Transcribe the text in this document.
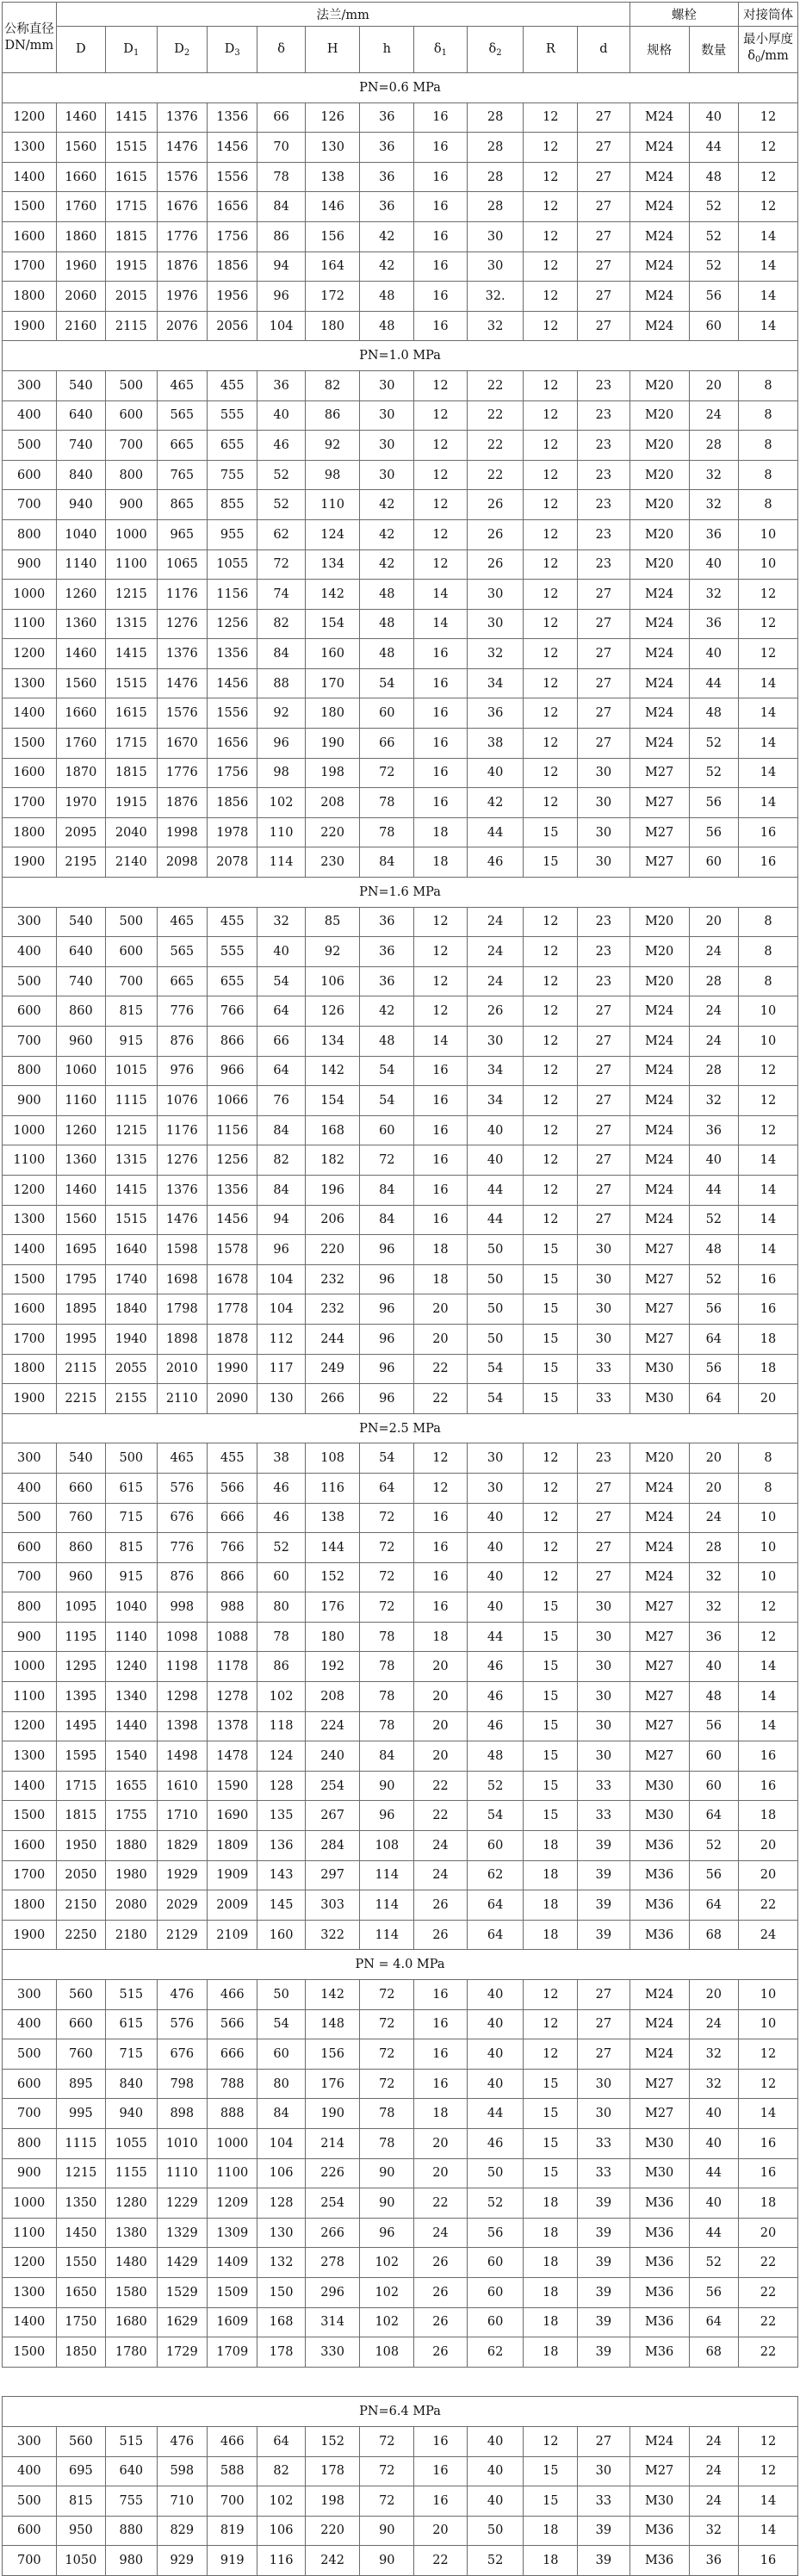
公称直径DN/mm	法兰/mm											螺栓		对接筒体
	D	$D_1$	$D_2$	$D_3$	δ	H	h	$\delta_1$	$\delta_2$	R	d	规格	数量	最小厚度
$\delta_0/mm$
PN=0.6 MPa														
1200	1460	1415	1376	1356	66	126	36	16	28	12	27	M24	40	12
1300	1560	1515	1476	1456	70	130	36	16	28	12	27	M24	44	12
1400	1660	1615	1576	1556	78	138	36	16	28	12	27	M24	48	12
1500	1760	1715	1676	1656	84	146	36	16	28	12	27	M24	52	12
1600	1860	1815	1776	1756	86	156	42	16	30	12	27	M24	52	14
1700	1960	1915	1876	1856	94	164	42	16	30	12	27	M24	52	14
1800	2060	2015	1976	1956	96	172	48	16	32.	12	27	M24	56	14
1900	2160	2115	2076	2056	104	180	48	16	32	12	27	M24	60	14
PN=1.0 MPa														
300	540	500	465	455	36	82	30	12	22	12	23	M20	20	8
400	640	600	565	555	40	86	30	12	22	12	23	M20	24	8
500	740	700	665	655	46	92	30	12	22	12	23	M20	28	8
600	840	800	765	755	52	98	30	12	22	12	23	M20	32	8
700	940	900	865	855	52	110	42	12	26	12	23	M20	32	8
800	1040	1000	965	955	62	124	42	12	26	12	23	M20	36	10
900	1140	1100	1065	1055	72	134	42	12	26	12	23	M20	40	10
1000	1260	1215	1176	1156	74	142	48	14	30	12	27	M24	32	12
1100	1360	1315	1276	1256	82	154	48	14	30	12	27	M24	36	12
1200	1460	1415	1376	1356	84	160	48	16	32	12	27	M24	40	12
1300	1560	1515	1476	1456	88	170	54	16	34	12	27	M24	44	14
1400	1660	1615	1576	1556	92	180	60	16	36	12	27	M24	48	14
1500	1760	1715	1670	1656	96	190	66	16	38	12	27	M24	52	14
1600	1870	1815	1776	1756	98	198	72	16	40	12	30	M27	52	14
1700	1970	1915	1876	1856	102	208	78	16	42	12	30	M27	56	14
1800	2095	2040	1998	1978	110	220	78	18	44	15	30	M27	56	16
1900	2195	2140	2098	2078	114	230	84	18	46	15	30	M27	60	16
PN=1.6 MPa														
300	540	500	465	455	32	85	36	12	24	12	23	M20	20	8
400	640	600	565	555	40	92	36	12	24	12	23	M20	24	8
500	740	700	665	655	54	106	36	12	24	12	23	M20	28	8
600	860	815	776	766	64	126	42	12	26	12	27	M24	24	10
700	960	915	876	866	66	134	48	14	30	12	27	M24	24	10
800	1060	1015	976	966	64	142	54	16	34	12	27	M24	28	12
900	1160	1115	1076	1066	76	154	54	16	34	12	27	M24	32	12
1000	1260	1215	1176	1156	84	168	60	16	40	12	27	M24	36	12
1100	1360	1315	1276	1256	82	182	72	16	40	12	27	M24	40	14
1200	1460	1415	1376	1356	84	196	84	16	44	12	27	M24	44	14
1300	1560	1515	1476	1456	94	206	84	16	44	12	27	M24	52	14
1400	1695	1640	1598	1578	96	220	96	18	50	15	30	M27	48	14
1500	1795	1740	1698	1678	104	232	96	18	50	15	30	M27	52	16
1600	1895	1840	1798	1778	104	232	96	20	50	15	30	M27	56	16
1700	1995	1940	1898	1878	112	244	96	20	50	15	30	M27	64	18
1800	2115	2055	2010	1990	117	249	96	22	54	15	33	M30	56	18
1900	2215	2155	2110	2090	130	266	96	22	54	15	33	M30	64	20
PN=2.5 MPa														
300	540	500	465	455	38	108	54	12	30	12	23	M20	20	8
400	660	615	576	566	46	116	64	12	30	12	27	M24	20	8
500	760	715	676	666	46	138	72	16	40	12	27	M24	24	10
600	860	815	776	766	52	144	72	16	40	12	27	M24	28	10
700	960	915	876	866	60	152	72	16	40	12	27	M24	32	10
800	1095	1040	998	988	80	176	72	16	40	15	30	M27	32	12
900	1195	1140	1098	1088	78	180	78	18	44	15	30	M27	36	12
1000	1295	1240	1198	1178	86	192	78	20	46	15	30	M27	40	14
1100	1395	1340	1298	1278	102	208	78	20	46	15	30	M27	48	14
1200	1495	1440	1398	1378	118	224	78	20	46	15	30	M27	56	14
1300	1595	1540	1498	1478	124	240	84	20	48	15	30	M27	60	16
1400	1715	1655	1610	1590	128	254	90	22	52	15	33	M30	60	16
1500	1815	1755	1710	1690	135	267	96	22	54	15	33	M30	64	18
1600	1950	1880	1829	1809	136	284	108	24	60	18	39	M36	52	20
1700	2050	1980	1929	1909	143	297	114	24	62	18	39	M36	56	20
1800	2150	2080	2029	2009	145	303	114	26	64	18	39	M36	64	22
1900	2250	2180	2129	2109	160	322	114	26	64	18	39	M36	68	24
PN = 4.0 MPa														
300	560	515	476	466	50	142	72	16	40	12	27	M24	20	10
400	660	615	576	566	54	148	72	16	40	12	27	M24	24	10
500	760	715	676	666	60	156	72	16	40	12	27	M24	32	12
600	895	840	798	788	80	176	72	16	40	15	30	M27	32	12
700	995	940	898	888	84	190	78	18	44	15	30	M27	40	14
800	1115	1055	1010	1000	104	214	78	20	46	15	33	M30	40	16
900	1215	1155	1110	1100	106	226	90	20	50	15	33	M30	44	16
1000	1350	1280	1229	1209	128	254	90	22	52	18	39	M36	40	18
1100	1450	1380	1329	1309	130	266	96	24	56	18	39	M36	44	20
1200	1550	1480	1429	1409	132	278	102	26	60	18	39	M36	52	22
1300	1650	1580	1529	1509	150	296	102	26	60	18	39	M36	56	22
1400	1750	1680	1629	1609	168	314	102	26	60	18	39	M36	64	22
1500	1850	1780	1729	1709	178	330	108	26	62	18	39	M36	68	22

PN=6.4 MPa														
300	560	515	476	466	64	152	72	16	40	12	27	M24	24	12
400	695	640	598	588	82	178	72	16	40	15	30	M27	24	12
500	815	755	710	700	102	198	72	16	40	15	33	M30	24	14
600	950	880	829	819	106	220	90	20	50	18	39	M36	32	14
700	1050	980	929	919	116	242	90	22	52	18	39	M36	36	16
